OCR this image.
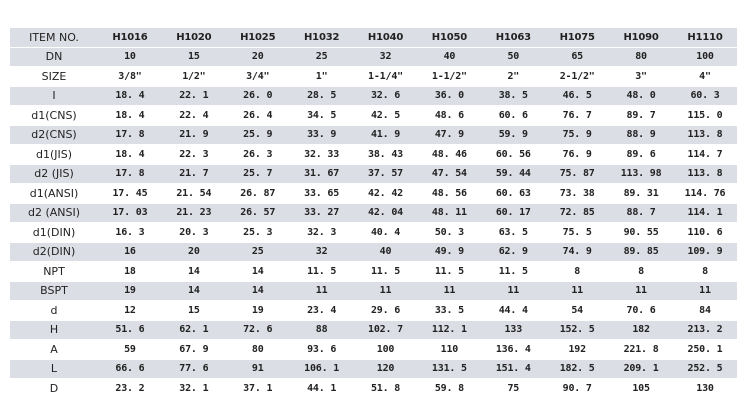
ITEM NO.	H1016	H1020	H1025	H1032	H1040	H1050	H1063	H1075	H1090	H1110
DN	10	15	20	25	32	40	50	65	80	100
SIZE	3/8"	1/2"	3/4"	1"	1-1/4"	1-1/2"	2"	2-1/2"	3"	4"
I	18. 4	22. 1	26. 0	28. 5	32. 6	36. 0	38. 5	46. 5	48. 0	60. 3
d1(CNS)	18. 4	22. 4	26. 4	34. 5	42. 5	48. 6	60. 6	76. 7	89. 7	115. 0
d2(CNS)	17. 8	21. 9	25. 9	33. 9	41. 9	47. 9	59. 9	75. 9	88. 9	113. 8
d1(JIS)	18. 4	22. 3	26. 3	32. 33	38. 43	48. 46	60. 56	76. 9	89. 6	114. 7
d2 (JIS)	17. 8	21. 7	25. 7	31. 67	37. 57	47. 54	59. 44	75. 87	113. 98	113. 8
d1(ANSI)	17. 45	21. 54	26. 87	33. 65	42. 42	48. 56	60. 63	73. 38	89. 31	114. 76
d2 (ANSI)	17. 03	21. 23	26. 57	33. 27	42. 04	48. 11	60. 17	72. 85	88. 7	114. 1
d1(DIN)	16. 3	20. 3	25. 3	32. 3	40. 4	50. 3	63. 5	75. 5	90. 55	110. 6
d2(DIN)	16	20	25	32	40	49. 9	62. 9	74. 9	89. 85	109. 9
NPT	18	14	14	11. 5	11. 5	11. 5	11. 5	8	8	8
BSPT	19	14	14	11	11	11	11	11	11	11
d	12	15	19	23. 4	29. 6	33. 5	44. 4	54	70. 6	84
H	51. 6	62. 1	72. 6	88	102. 7	112. 1	133	152. 5	182	213. 2
A	59	67. 9	80	93. 6	100	110	136. 4	192	221. 8	250. 1
L	66. 6	77. 6	91	106. 1	120	131. 5	151. 4	182. 5	209. 1	252. 5
D	23. 2	32. 1	37. 1	44. 1	51. 8	59. 8	75	90. 7	105	130
